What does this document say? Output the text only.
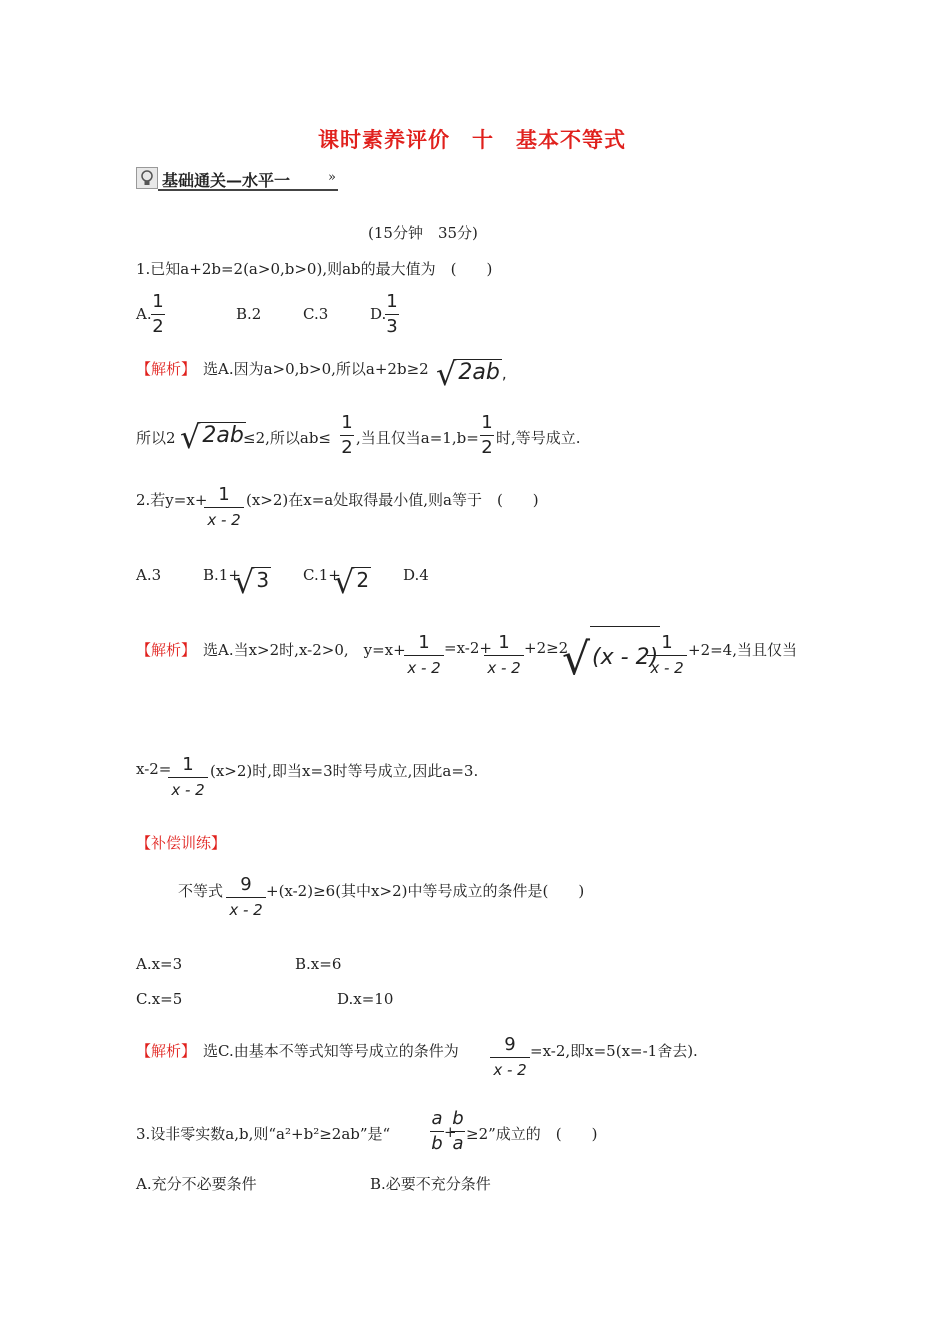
课时素养评价　十　基本不等式
基础通关—水平一	»
(15分钟　35分)
1.已知a+2b=2(a>0,b>0),则ab的最大值为　(　　)
A.
1
2
B.2	C.3	D.
1
3
【解析】 选A.因为a>0,b>0,所以a+2b≥2 √2ab ,
所以2 √2ab ≤2,所以ab≤
1
2 ,当且仅当a=1,b=
1
2 时,等号成立.
2.若y=x+ 1
x - 2
(x>2)在x=a处取得最小值,则a等于　(　　)
A.3	B.1+
√ 3 C.1+
√ 2 D.4
【解析】 选A.当x>2时,x-2>0,　y=x+ 1
x - 2
=x-2+ 1
x - 2
+2≥2
√(x - 2)
1
x - 2
+2=4,当且仅当
x-2= 1
x - 2
(x>2)时,即当x=3时等号成立,因此a=3.
【补偿训练】
不等式 9
x - 2
+(x-2)≥6(其中x>2)中等号成立的条件是(　　)
A.x=3	B.x=6
C.x=5	D.x=10
【解析】 选C.由基本不等式知等号成立的条件为	9
x - 2
=x-2,即x=5(x=-1舍去).
3.设非零实数a,b,则“a²+b²≥2ab”是“
a
b
+
b
a ≥2”成立的　(　　)
A.充分不必要条件	B.必要不充分条件
